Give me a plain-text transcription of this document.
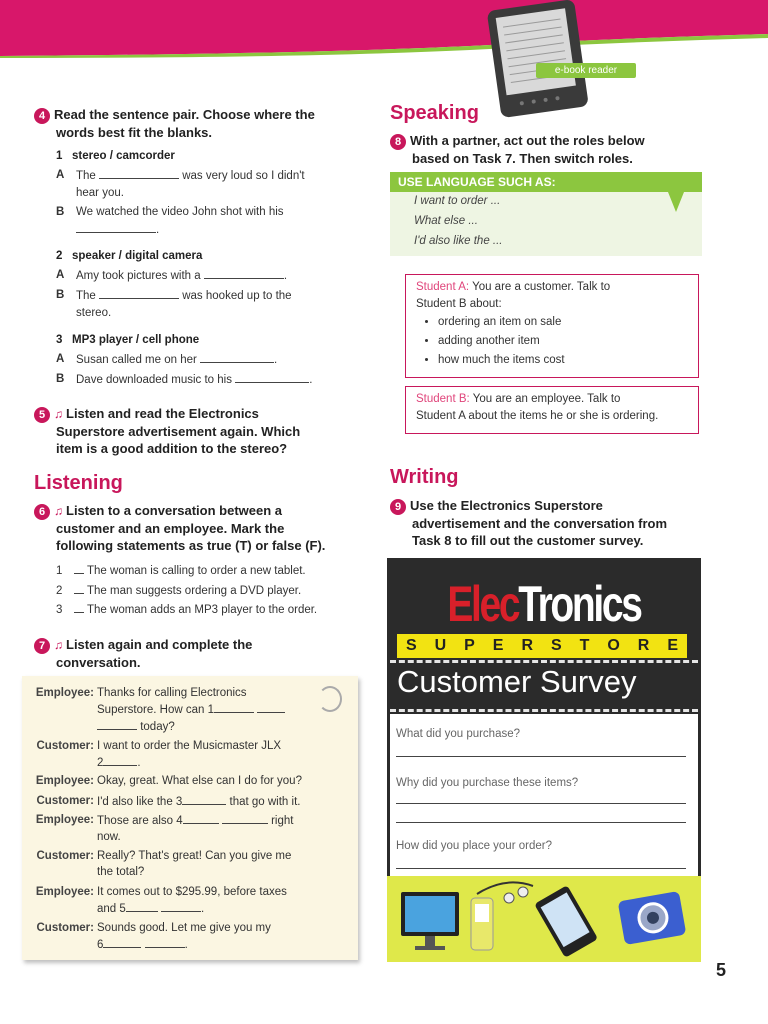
e-book reader
4 Read the sentence pair. Choose where the
words best fit the blanks.
1 stereo / camcorder
A The	was very loud so I didn't
hear you.
B We watched the video John shot with his
.
2 speaker / digital camera
A Amy took pictures with a	.
B The	was hooked up to the
stereo.
3 MP3 player / cell phone
A Susan called me on her	.
B Dave downloaded music to his	.
5 ♫ Listen and read the Electronics
Superstore advertisement again. Which
item is a good addition to the stereo?
Listening
6 ♫ Listen to a conversation between a
customer and an employee. Mark the
following statements as true (T) or false (F).
1 The woman is calling to order a new tablet.
2 The man suggests ordering a DVD player.
3 The woman adds an MP3 player to the order.
7 ♫ Listen again and complete the
conversation.
Employee: Thanks for calling Electronics
Superstore. How can 1
today?
Customer: I want to order the Musicmaster JLX
2	.
Employee: Okay, great. What else can I do for you?
Customer: I'd also like the 3	that go with it.
Employee: Those are also 4	right
now.
Customer: Really? That's great! Can you give me
the total?
Employee: It comes out to $295.99, before taxes
and 5	.
Customer: Sounds good. Let me give you my
6	.
Speaking
8 With a partner, act out the roles below
based on Task 7. Then switch roles.
USE LANGUAGE SUCH AS:
I want to order ...
What else ...
I'd also like the ...
Student A: You are a customer. Talk to
Student B about:
• ordering an item on sale
• adding another item
• how much the items cost
Student B: You are an employee. Talk to
Student A about the items he or she is ordering.
Writing
9 Use the Electronics Superstore
advertisement and the conversation from
Task 8 to fill out the customer survey.
ElecTronics
S U P E R S T O R E
Customer Survey
What did you purchase?
Why did you purchase these items?
How did you place your order?
5
